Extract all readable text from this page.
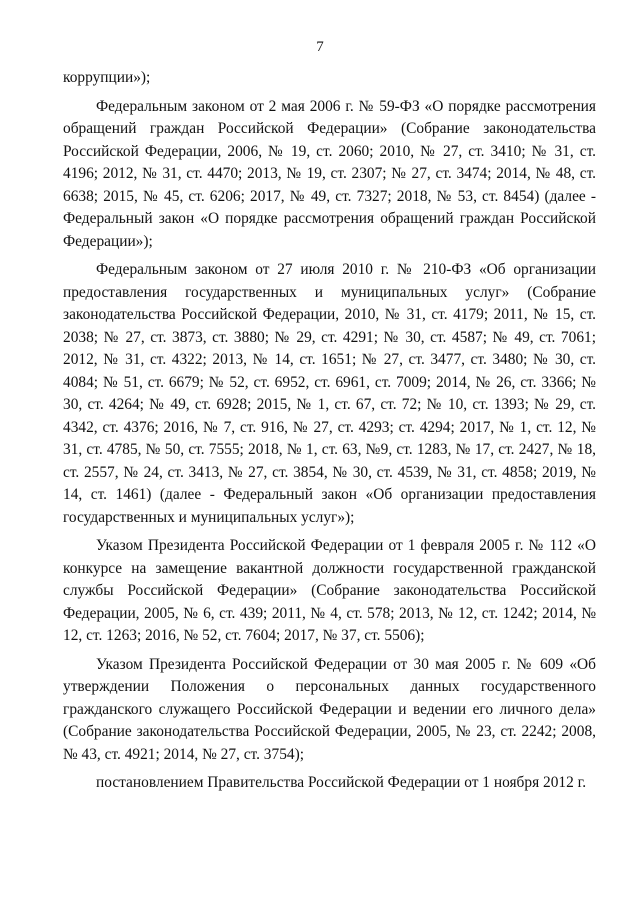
7

коррупции»);

Федеральным законом от 2 мая 2006 г. № 59-ФЗ «О порядке рассмотрения обращений граждан Российской Федерации» (Собрание законодательства Российской Федерации, 2006, № 19, ст. 2060; 2010, № 27, ст. 3410; № 31, ст. 4196; 2012, № 31, ст. 4470; 2013, № 19, ст. 2307; № 27, ст. 3474; 2014, № 48, ст. 6638; 2015, № 45, ст. 6206; 2017, № 49, ст. 7327; 2018, № 53, ст. 8454) (далее - Федеральный закон «О порядке рассмотрения обращений граждан Российской Федерации»);

Федеральным законом от 27 июля 2010 г. № 210-ФЗ «Об организации предоставления государственных и муниципальных услуг» (Собрание законодательства Российской Федерации, 2010, № 31, ст. 4179; 2011, № 15, ст. 2038; № 27, ст. 3873, ст. 3880; № 29, ст. 4291; № 30, ст. 4587; № 49, ст. 7061; 2012, № 31, ст. 4322; 2013, № 14, ст. 1651; № 27, ст. 3477, ст. 3480; № 30, ст. 4084; № 51, ст. 6679; № 52, ст. 6952, ст. 6961, ст. 7009; 2014, № 26, ст. 3366; № 30, ст. 4264; № 49, ст. 6928; 2015, № 1, ст. 67, ст. 72; № 10, ст. 1393; № 29, ст. 4342, ст. 4376; 2016, № 7, ст. 916, № 27, ст. 4293; ст. 4294; 2017, № 1, ст. 12, № 31, ст. 4785, № 50, ст. 7555; 2018, № 1, ст. 63, №9, ст. 1283, № 17, ст. 2427, № 18, ст. 2557, № 24, ст. 3413, № 27, ст. 3854, № 30, ст. 4539, № 31, ст. 4858; 2019, № 14, ст. 1461) (далее - Федеральный закон «Об организации предоставления государственных и муниципальных услуг»);

Указом Президента Российской Федерации от 1 февраля 2005 г. № 112 «О конкурсе на замещение вакантной должности государственной гражданской службы Российской Федерации» (Собрание законодательства Российской Федерации, 2005, № 6, ст. 439; 2011, № 4, ст. 578; 2013, № 12, ст. 1242; 2014, № 12, ст. 1263; 2016, № 52, ст. 7604; 2017, № 37, ст. 5506);

Указом Президента Российской Федерации от 30 мая 2005 г. № 609 «Об утверждении Положения о персональных данных государственного гражданского служащего Российской Федерации и ведении его личного дела» (Собрание законодательства Российской Федерации, 2005, № 23, ст. 2242; 2008, № 43, ст. 4921; 2014, № 27, ст. 3754);

постановлением Правительства Российской Федерации от 1 ноября 2012 г.
